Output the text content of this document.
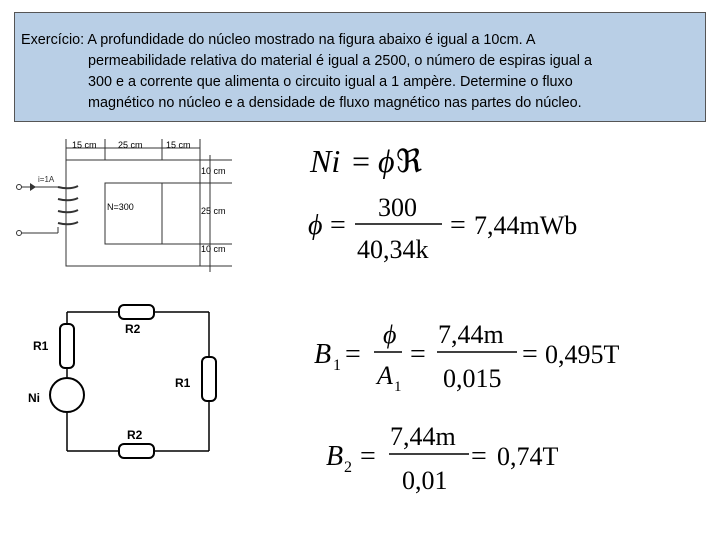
Exercício: A profundidade do núcleo mostrado na figura abaixo é igual a 10cm. A
permeabilidade relativa do material é igual a 2500, o número de espiras igual a
300 e a corrente que alimenta o circuito igual a 1 ampère. Determine o fluxo
magnético no núcleo e a densidade de fluxo magnético nas partes do núcleo.
15 cm 25 cm	15 cm
10 cm
25 cm
10 cm
i=1A
N=300
R2
R1
R1
Ni
R2
Ni = ϕ ℜ
ϕ =
300
40,34k
= 7,44mWb
B 1 =
ϕ
A 1
=
7,44m
0,015
= 0,495T
B 2 =
7,44m
0,01
= 0,74T
